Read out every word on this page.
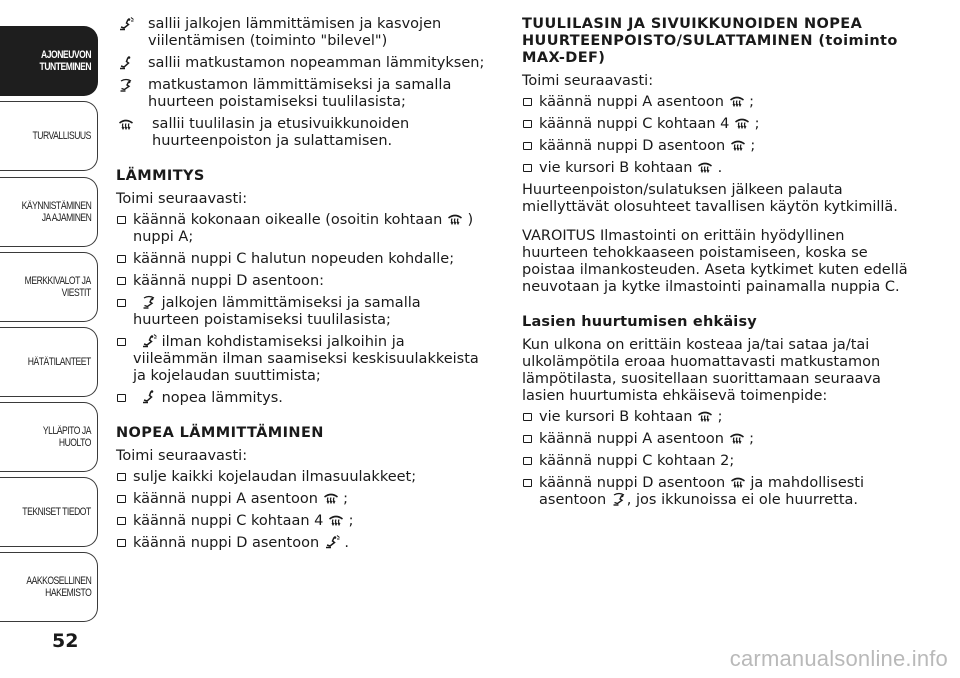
AJONEUVON
TUNTEMINEN
TURVALLISUUS
KÄYNNISTÄMINEN
JA AJAMINEN
MERKKIVALOT JA
VIESTIT
HÄTÄTILANTEET
YLLÄPITO JA HUOLTO
TEKNISET TIEDOT
AAKKOSELLINEN
HAKEMISTO
52

sallii jalkojen lämmittämisen ja kasvojen viilentämisen (toiminto "bilevel")

sallii matkustamon nopeamman lämmityksen;

matkustamon lämmittämiseksi ja samalla huurteen poistamiseksi tuulilasista;

sallii tuulilasin ja etusivuikkunoiden huurteenpoiston ja sulattamisen.

LÄMMITYS

Toimi seuraavasti:

käännä kokonaan oikealle (osoitin kohtaan ) nuppi A;

käännä nuppi C halutun nopeuden kohdalle;

käännä nuppi D asentoon:

jalkojen lämmittämiseksi ja samalla huurteen poistamiseksi tuulilasista;

ilman kohdistamiseksi jalkoihin ja viileämmän ilman saamiseksi keskisuulakkeista ja kojelaudan suuttimista;

nopea lämmitys.

NOPEA LÄMMITTÄMINEN

Toimi seuraavasti:

sulje kaikki kojelaudan ilmasuulakkeet;

käännä nuppi A asentoon ;

käännä nuppi C kohtaan 4 ;

käännä nuppi D asentoon .

TUULILASIN JA SIVUIKKUNOIDEN NOPEA HUURTEENPOISTO/SULATTAMINEN (toiminto MAX-DEF)

Toimi seuraavasti:

käännä nuppi A asentoon ;

käännä nuppi C kohtaan 4 ;

käännä nuppi D asentoon ;

vie kursori B kohtaan .

Huurteenpoiston/sulatuksen jälkeen palauta miellyttävät olosuhteet tavallisen käytön kytkimillä.

VAROITUS Ilmastointi on erittäin hyödyllinen huurteen tehokkaaseen poistamiseen, koska se poistaa ilmankosteuden. Aseta kytkimet kuten edellä neuvotaan ja kytke ilmastointi painamalla nuppia C.

Lasien huurtumisen ehkäisy

Kun ulkona on erittäin kosteaa ja/tai sataa ja/tai ulkolämpötila eroaa huomattavasti matkustamon lämpötilasta, suositellaan suorittamaan seuraava lasien huurtumista ehkäisevä toimenpide:

vie kursori B kohtaan ;

käännä nuppi A asentoon ;

käännä nuppi C kohtaan 2;

käännä nuppi D asentoon ja mahdollisesti asentoon , jos ikkunoissa ei ole huurretta.

carmanualsonline.info
